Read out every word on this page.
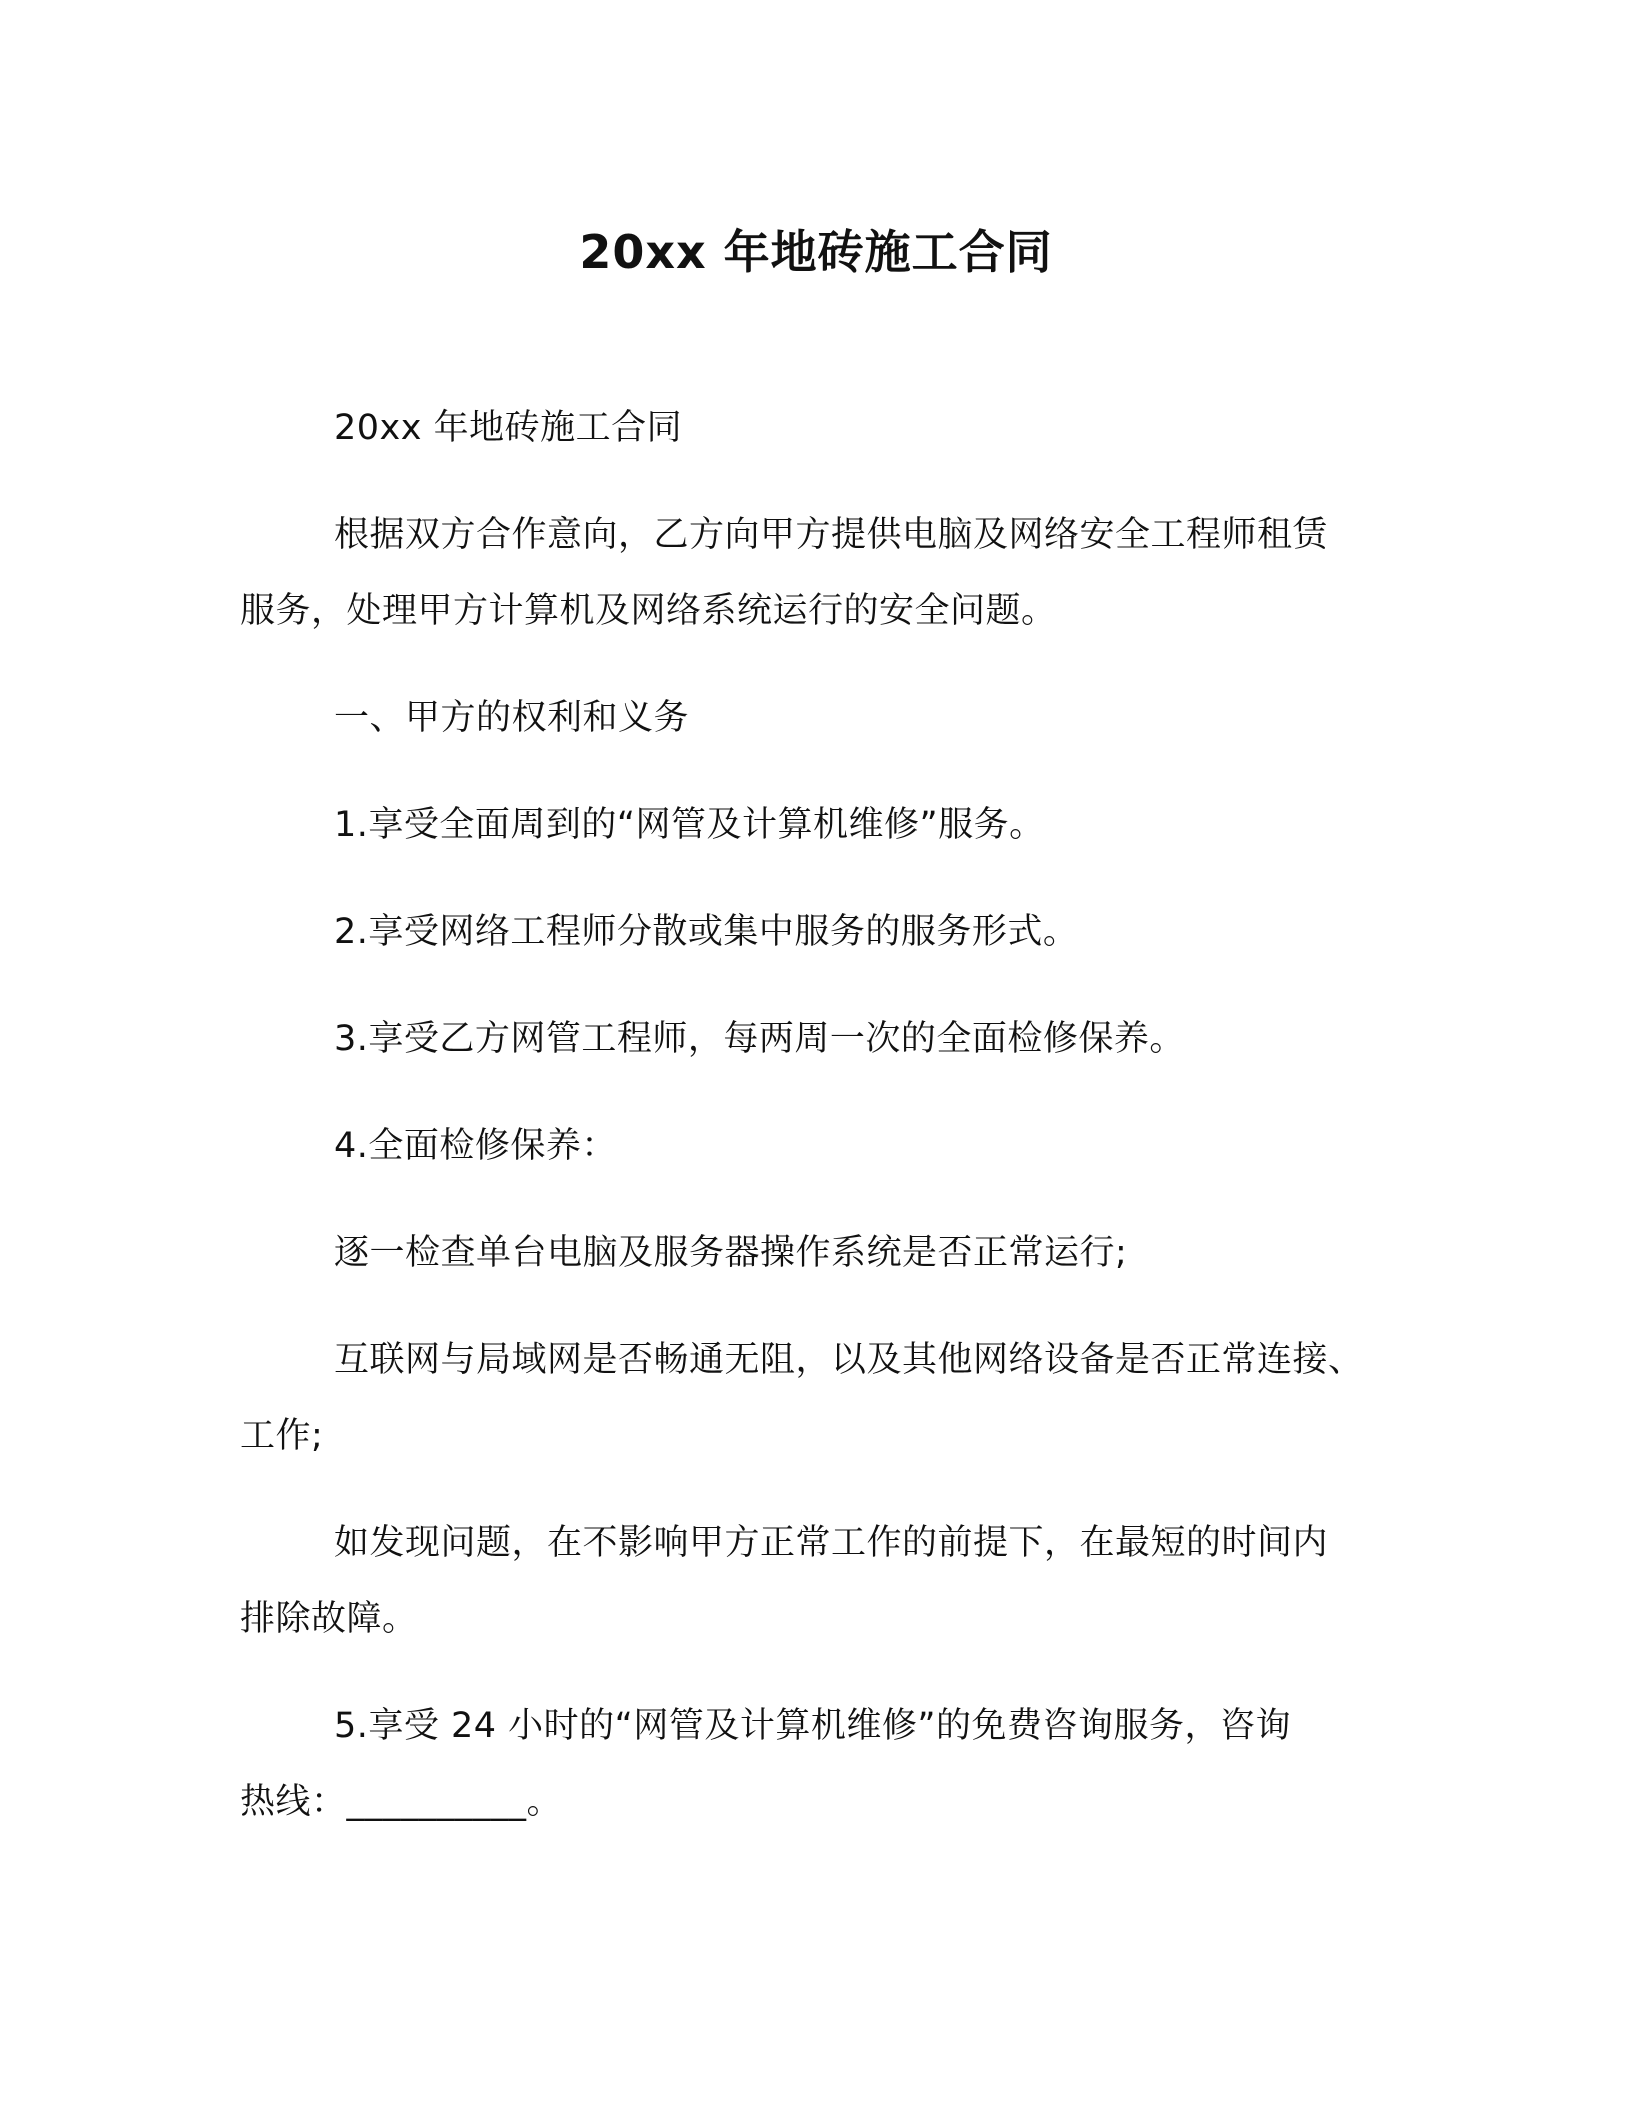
20xx 年地砖施工合同

20xx 年地砖施工合同

根据双方合作意向，乙方向甲方提供电脑及网络安全工程师租赁
服务，处理甲方计算机及网络系统运行的安全问题。

一、甲方的权利和义务

1.享受全面周到的“网管及计算机维修”服务。

2.享受网络工程师分散或集中服务的服务形式。

3.享受乙方网管工程师，每两周一次的全面检修保养。

4.全面检修保养：

逐一检查单台电脑及服务器操作系统是否正常运行;

互联网与局域网是否畅通无阻，以及其他网络设备是否正常连接、
工作;

如发现问题，在不影响甲方正常工作的前提下，在最短的时间内
排除故障。

5.享受 24 小时的“网管及计算机维修”的免费咨询服务，咨询
热线：__________。
